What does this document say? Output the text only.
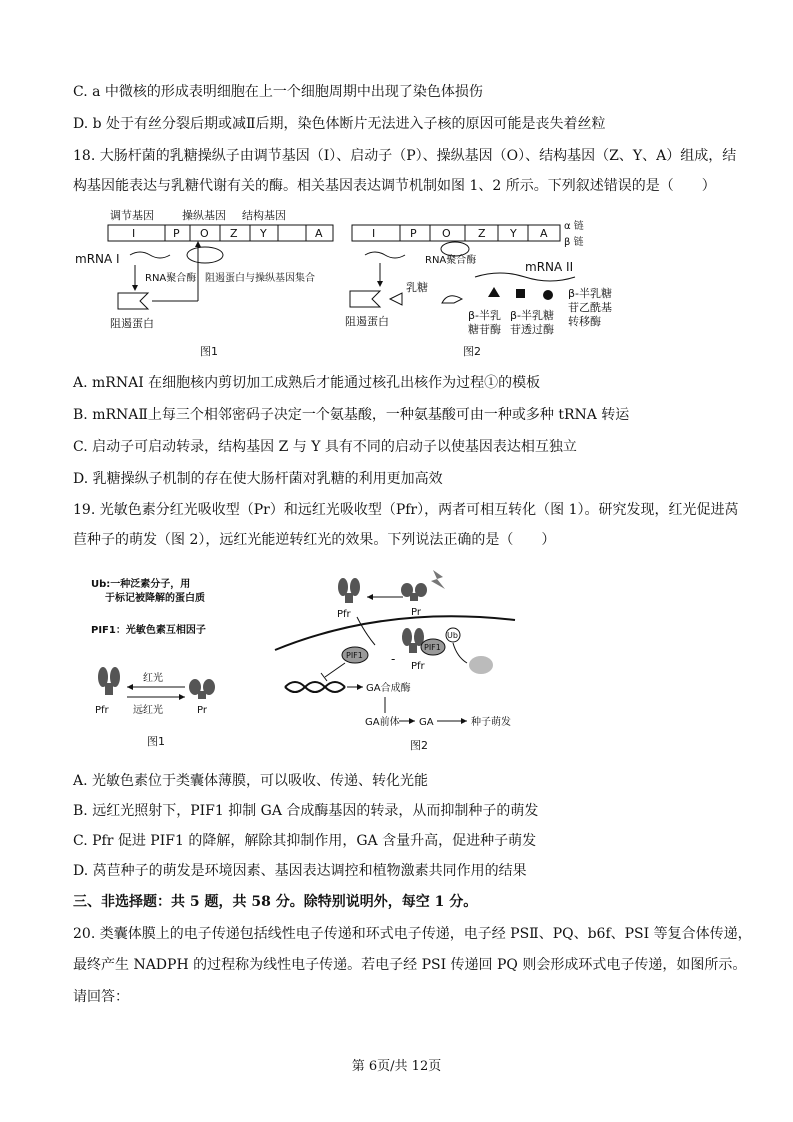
C. a 中微核的形成表明细胞在上一个细胞周期中出现了染色体损伤
D. b 处于有丝分裂后期或减Ⅱ后期，染色体断片无法进入子核的原因可能是丧失着丝粒
18. 大肠杆菌的乳糖操纵子由调节基因（I）、启动子（P）、操纵基因（O）、结构基因（Z、Y、A）组成，结
构基因能表达与乳糖代谢有关的酶。相关基因表达调节机制如图 1、2 所示。下列叙述错误的是（　　）
调节基因	操纵基因 结构基因
I	P O Z Y	A
mRNA I
RNA聚合酶 阻遏蛋白与操纵基因集合
阻遏蛋白
图1
I	P O Z Y A
α 链
β 链
RNA聚合酶
乳糖
阻遏蛋白
mRNA II
β-半乳
糖苷酶
β-半乳糖
苷透过酶
β-半乳糖
苷乙酰基
转移酶
图2
A. mRNAI 在细胞核内剪切加工成熟后才能通过核孔出核作为过程①的模板
B. mRNAⅡ上每三个相邻密码子决定一个氨基酸，一种氨基酸可由一种或多种 tRNA 转运
C. 启动子可启动转录，结构基因 Z 与 Y 具有不同的启动子以使基因表达相互独立
D. 乳糖操纵子机制的存在使大肠杆菌对乳糖的利用更加高效
19. 光敏色素分红光吸收型（Pr）和远红光吸收型（Pfr），两者可相互转化（图 1）。研究发现，红光促进莴
苣种子的萌发（图 2），远红光能逆转红光的效果。下列说法正确的是（　　）
Ub:一种泛素分子，用
于标记被降解的蛋白质
PIF1：光敏色素互相因子
Pfr
红光
远红光	Pr
图1
Pfr	Pr
Pfr
-
PIF1
PIF1
Ub
GA合成酶
GA前体 GA	种子萌发
图2
A. 光敏色素位于类囊体薄膜，可以吸收、传递、转化光能
B. 远红光照射下，PIF1 抑制 GA 合成酶基因的转录，从而抑制种子的萌发
C. Pfr 促进 PIF1 的降解，解除其抑制作用，GA 含量升高，促进种子萌发
D. 莴苣种子的萌发是环境因素、基因表达调控和植物激素共同作用的结果
三、非选择题：共 5 题，共 58 分。除特别说明外，每空 1 分。
20. 类囊体膜上的电子传递包括线性电子传递和环式电子传递，电子经 PSⅡ、PQ、b6f、PSI 等复合体传递，
最终产生 NADPH 的过程称为线性电子传递。若电子经 PSI 传递回 PQ 则会形成环式电子传递，如图所示。
请回答：
第 6页/共 12页
